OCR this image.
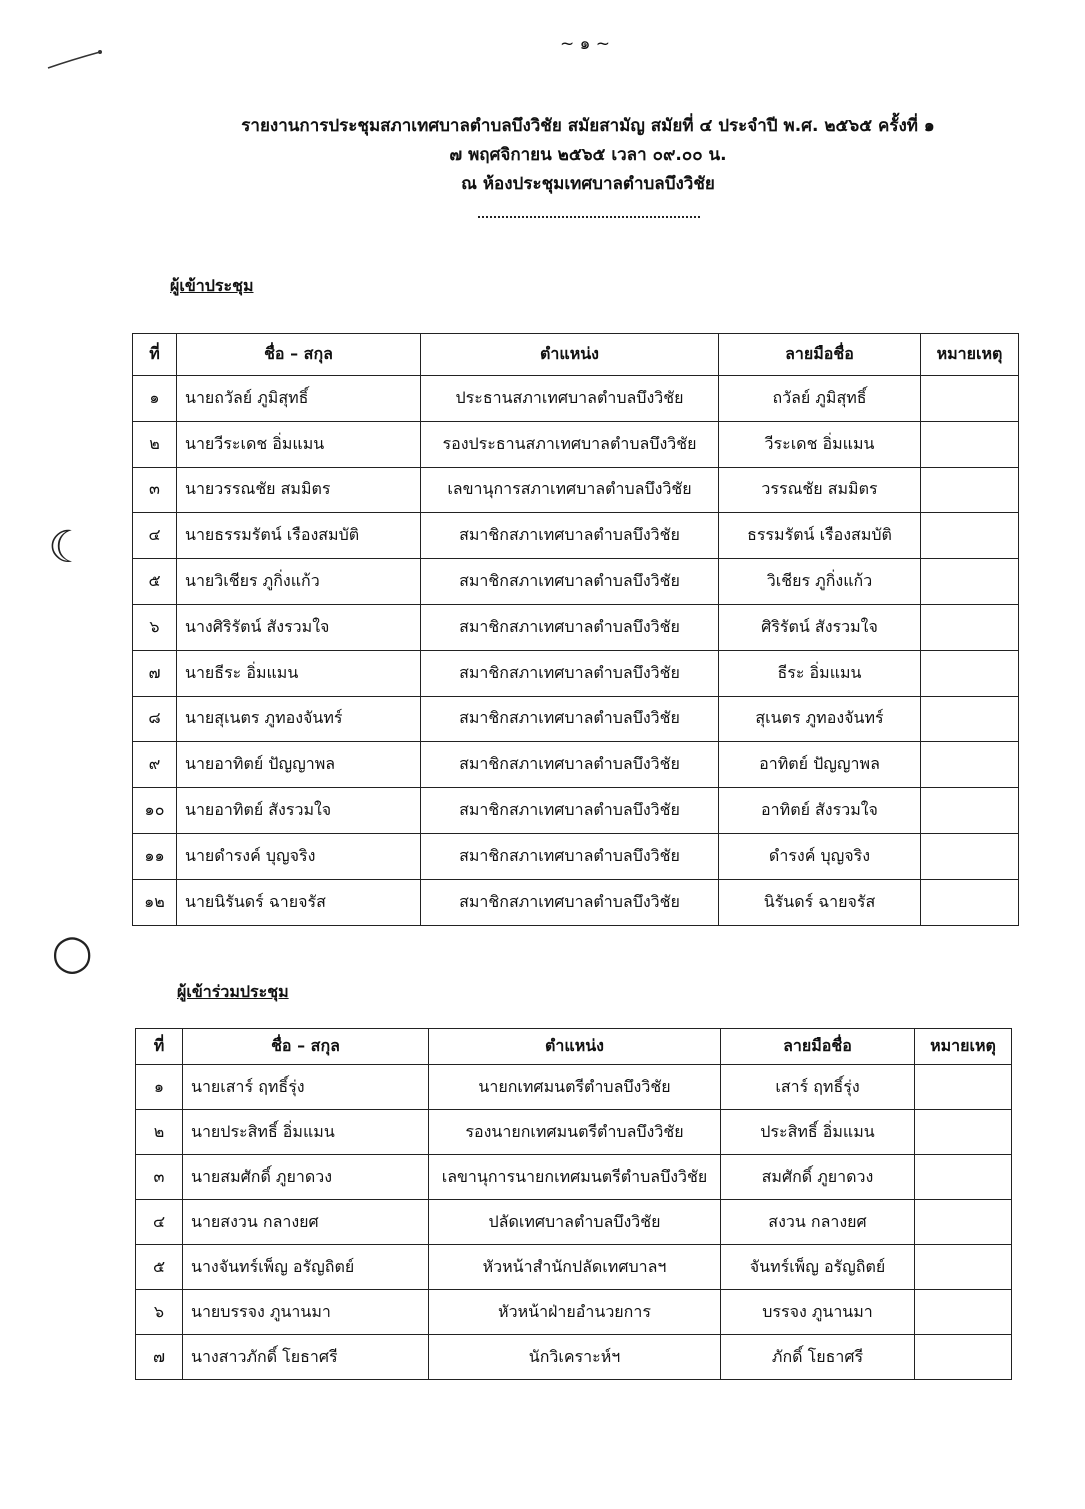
~ ๑ ~
รายงานการประชุมสภาเทศบาลตำบลบึงวิชัย สมัยสามัญ สมัยที่ ๔ ประจำปี พ.ศ. ๒๕๖๕ ครั้งที่ ๑
๗ พฤศจิกายน ๒๕๖๕ เวลา ๐๙.๐๐ น.
ณ ห้องประชุมเทศบาลตำบลบึงวิชัย
ผู้เข้าประชุม
ที่	ชื่อ – สกุล	ตำแหน่ง	ลายมือชื่อ	หมายเหตุ
๑	นายถวัลย์ ภูมิสุทธิ์	ประธานสภาเทศบาลตำบลบึงวิชัย	ถวัลย์ ภูมิสุทธิ์	
๒	นายวีระเดช อิ่มแมน	รองประธานสภาเทศบาลตำบลบึงวิชัย	วีระเดช อิ่มแมน	
๓	นายวรรณชัย สมมิตร	เลขานุการสภาเทศบาลตำบลบึงวิชัย	วรรณชัย สมมิตร	
๔	นายธรรมรัตน์ เรืองสมบัติ	สมาชิกสภาเทศบาลตำบลบึงวิชัย	ธรรมรัตน์ เรืองสมบัติ	
๕	นายวิเชียร ภูกิ่งแก้ว	สมาชิกสภาเทศบาลตำบลบึงวิชัย	วิเชียร ภูกิ่งแก้ว	
๖	นางศิริรัตน์ สังรวมใจ	สมาชิกสภาเทศบาลตำบลบึงวิชัย	ศิริรัตน์ สังรวมใจ	
๗	นายธีระ อิ่มแมน	สมาชิกสภาเทศบาลตำบลบึงวิชัย	ธีระ อิ่มแมน	
๘	นายสุเนตร ภูทองจันทร์	สมาชิกสภาเทศบาลตำบลบึงวิชัย	สุเนตร ภูทองจันทร์	
๙	นายอาทิตย์ ปัญญาพล	สมาชิกสภาเทศบาลตำบลบึงวิชัย	อาทิตย์ ปัญญาพล	
๑๐	นายอาทิตย์ สังรวมใจ	สมาชิกสภาเทศบาลตำบลบึงวิชัย	อาทิตย์ สังรวมใจ	
๑๑	นายดำรงค์ บุญจริง	สมาชิกสภาเทศบาลตำบลบึงวิชัย	ดำรงค์ บุญจริง	
๑๒	นายนิรันดร์ ฉายจรัส	สมาชิกสภาเทศบาลตำบลบึงวิชัย	นิรันดร์ ฉายจรัส	
☾
◯
ผู้เข้าร่วมประชุม
ที่	ชื่อ – สกุล	ตำแหน่ง	ลายมือชื่อ	หมายเหตุ
๑	นายเสาร์ ฤทธิ์รุ่ง	นายกเทศมนตรีตำบลบึงวิชัย	เสาร์ ฤทธิ์รุ่ง	
๒	นายประสิทธิ์ อิ่มแมน	รองนายกเทศมนตรีตำบลบึงวิชัย	ประสิทธิ์ อิ่มแมน	
๓	นายสมศักดิ์ ภูยาดวง	เลขานุการนายกเทศมนตรีตำบลบึงวิชัย	สมศักดิ์ ภูยาดวง	
๔	นายสงวน กลางยศ	ปลัดเทศบาลตำบลบึงวิชัย	สงวน กลางยศ	
๕	นางจันทร์เพ็ญ อรัญถิตย์	หัวหน้าสำนักปลัดเทศบาลฯ	จันทร์เพ็ญ อรัญถิตย์	
๖	นายบรรจง ภูนานมา	หัวหน้าฝ่ายอำนวยการ	บรรจง ภูนานมา	
๗	นางสาวภักดิ์ โยธาศรี	นักวิเคราะห์ฯ	ภักดิ์ โยธาศรี	
